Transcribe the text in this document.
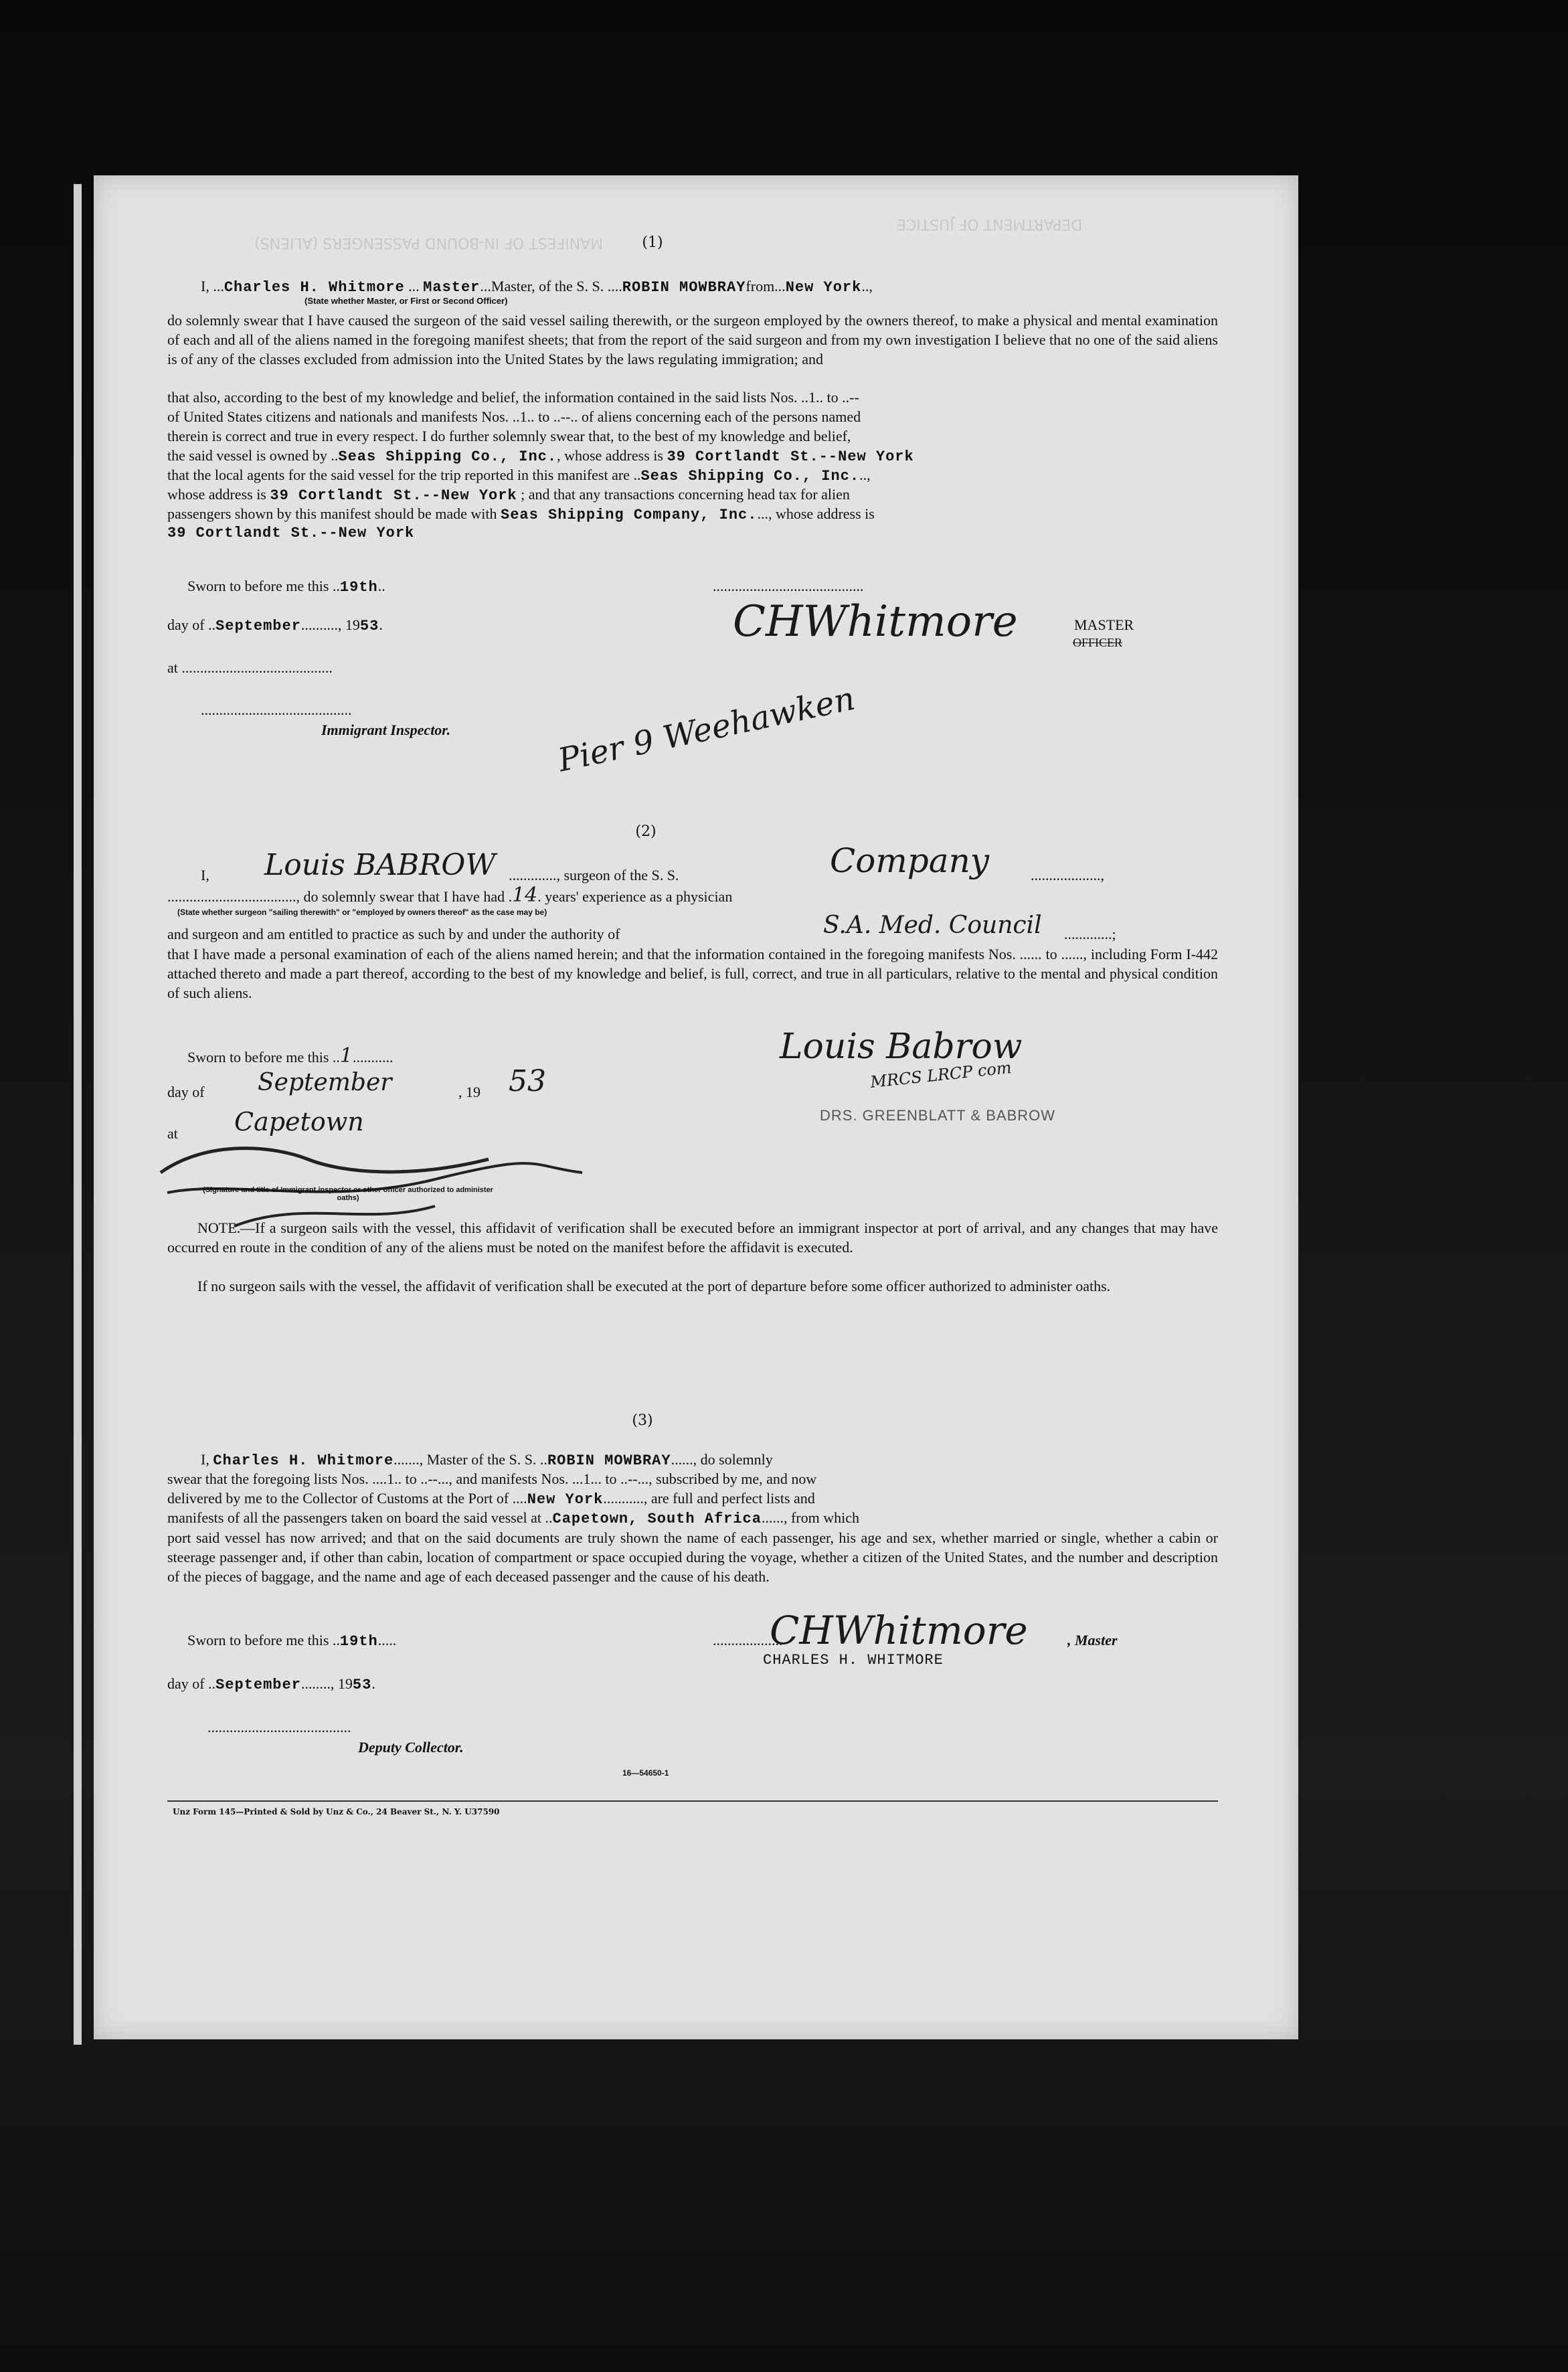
MANIFEST OF IN-BOUND PASSENGERS (ALIENS)
DEPARTMENT OF JUSTICE
(1)
I, ...Charles H. Whitmore ... Master...Master, of the S. S. ....ROBIN MOWBRAYfrom...New York..,
(State whether Master, or First or Second Officer)
do solemnly swear that I have caused the surgeon of the said vessel sailing therewith, or the surgeon employed by the owners thereof, to make a physical and mental examination of each and all of the aliens named in the foregoing manifest sheets; that from the report of the said surgeon and from my own investigation I believe that no one of the said aliens is of any of the classes excluded from admission into the United States by the laws regulating immigration; and
that also, according to the best of my knowledge and belief, the information contained in the said lists Nos. ..1.. to ..--
of United States citizens and nationals and manifests Nos. ..1.. to ..--.. of aliens concerning each of the persons named
therein is correct and true in every respect. I do further solemnly swear that, to the best of my knowledge and belief,
the said vessel is owned by ..Seas Shipping Co., Inc., whose address is 39 Cortlandt St.--New York
that the local agents for the said vessel for the trip reported in this manifest are ..Seas Shipping Co., Inc...,
whose address is 39 Cortlandt St.--New York ; and that any transactions concerning head tax for alien
passengers shown by this manifest should be made with Seas Shipping Company, Inc...., whose address is
39 Cortlandt St.--New York
Sworn to before me this ..19th..	.........................................
day of ..September.........., 1953.	CHWhitmore	MASTER
OFFICER
at .........................................
.........................................
Immigrant Inspector.	Pier 9 Weehawken
(2)
I, Louis BABROW ............., surgeon of the S. S.	Company	...................,
..................................., do solemnly swear that I have had .14. years' experience as a physician
(State whether surgeon "sailing therewith" or "employed by owners thereof" as the case may be)
and surgeon and am entitled to practice as such by and under the authority of	S.A. Med. Council .............;
that I have made a personal examination of each of the aliens named herein; and that the information contained in the foregoing manifests Nos. ...... to ......, including Form I-442 attached thereto and made a part thereof, according to the best of my knowledge and belief, is full, correct, and true in all particulars, relative to the mental and physical condition of such aliens.
Sworn to before me this ..1...........
day of September	, 19 53
Louis Babrow
MRCS LRCP com
DRS. GREENBLATT & BABROW
at Capetown
(Signature and title of Immigrant inspector or other officer authorized to administer oaths)
NOTE.—If a surgeon sails with the vessel, this affidavit of verification shall be executed before an immigrant inspector at port of arrival, and any changes that may have occurred en route in the condition of any of the aliens must be noted on the manifest before the affidavit is executed.
If no surgeon sails with the vessel, the affidavit of verification shall be executed at the port of departure before some officer authorized to administer oaths.
(3)
I, Charles H. Whitmore......., Master of the S. S. ..ROBIN MOWBRAY......, do solemnly
swear that the foregoing lists Nos. ....1.. to ..--..., and manifests Nos. ...1... to ..--..., subscribed by me, and now
delivered by me to the Collector of Customs at the Port of ....New York..........., are full and perfect lists and
manifests of all the passengers taken on board the said vessel at ..Capetown, South Africa......, from which
port said vessel has now arrived; and that on the said documents are truly shown the name of each passenger, his age and sex, whether married or single, whether a cabin or steerage passenger and, if other than cabin, location of compartment or space occupied during the voyage, whether a citizen of the United States, and the number and description of the pieces of baggage, and the name and age of each deceased passenger and the cause of his death.
Sworn to before me this ..19th.....	...................
CHWhitmore	, Master
CHARLES H. WHITMORE
day of ..September........, 1953.
.......................................
Deputy Collector.
16—54650-1
Unz Form 145—Printed & Sold by Unz & Co., 24 Beaver St., N. Y. U37590
